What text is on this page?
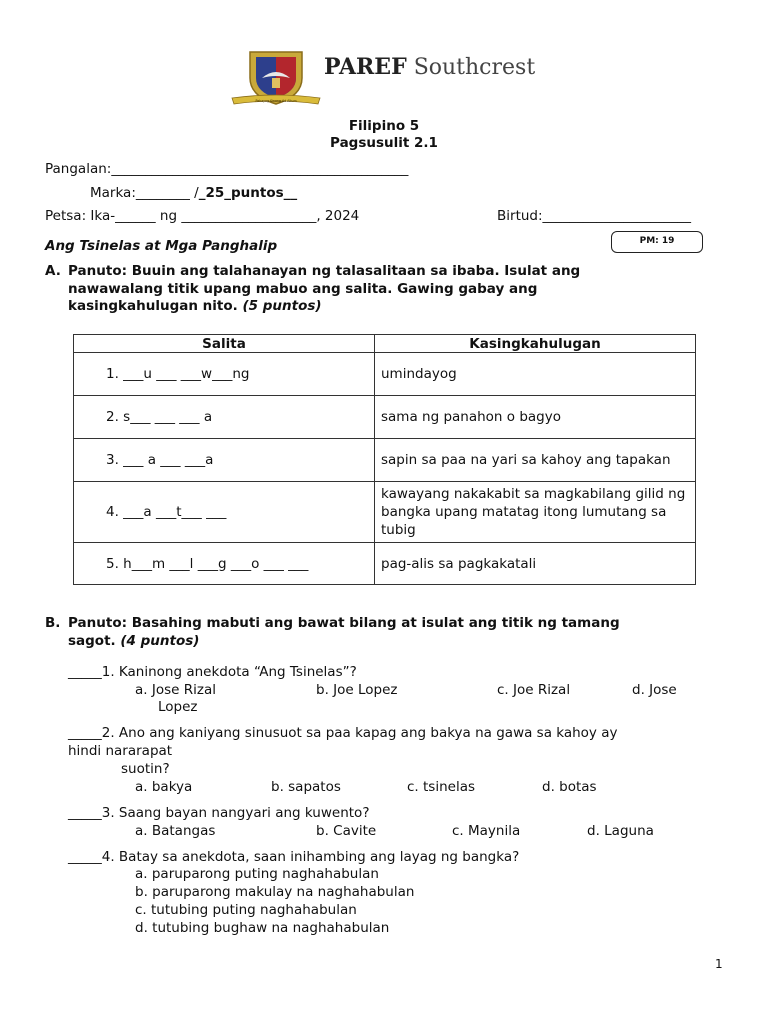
Pahayag Sinong Ad Altum
PAREF Southcrest
Filipino 5
Pagsusulit 2.1
Pangalan:____________________________________________
Marka:________ /_25_puntos__
Petsa: Ika-______ ng ____________________, 2024	Birtud:______________________
Ang Tsinelas at Mga Panghalip	PM: 19
A. Panuto: Buuin ang talahanayan ng talasalitaan sa ibaba. Isulat ang
nawawalang titik upang mabuo ang salita. Gawing gabay ang
kasingkahulugan nito. (5 puntos)
Salita	Kasingkahulugan
1. ___u ___ ___w___ng	umindayog
2. s___ ___ ___ a	sama ng panahon o bagyo
3. ___ a ___ ___a	sapin sa paa na yari sa kahoy ang tapakan
4. ___a ___t___ ___	kawayang nakakabit sa magkabilang gilid ng bangka upang matatag itong lumutang sa tubig
5. h___m ___l ___g ___o ___ ___	pag-alis sa pagkakatali
B. Panuto: Basahing mabuti ang bawat bilang at isulat ang titik ng tamang
sagot. (4 puntos)
_____1. Kaninong anekdota “Ang Tsinelas”?
a. Jose Rizal	b. Joe Lopez	c. Joe Rizal	d. Jose
Lopez
_____2. Ano ang kaniyang sinusuot sa paa kapag ang bakya na gawa sa kahoy ay
hindi nararapat
suotin?
a. bakya	b. sapatos	c. tsinelas	d. botas
_____3. Saang bayan nangyari ang kuwento?
a. Batangas	b. Cavite	c. Maynila	d. Laguna
_____4. Batay sa anekdota, saan inihambing ang layag ng bangka?
a. paruparong puting naghahabulan
b. paruparong makulay na naghahabulan
c. tutubing puting naghahabulan
d. tutubing bughaw na naghahabulan
1
